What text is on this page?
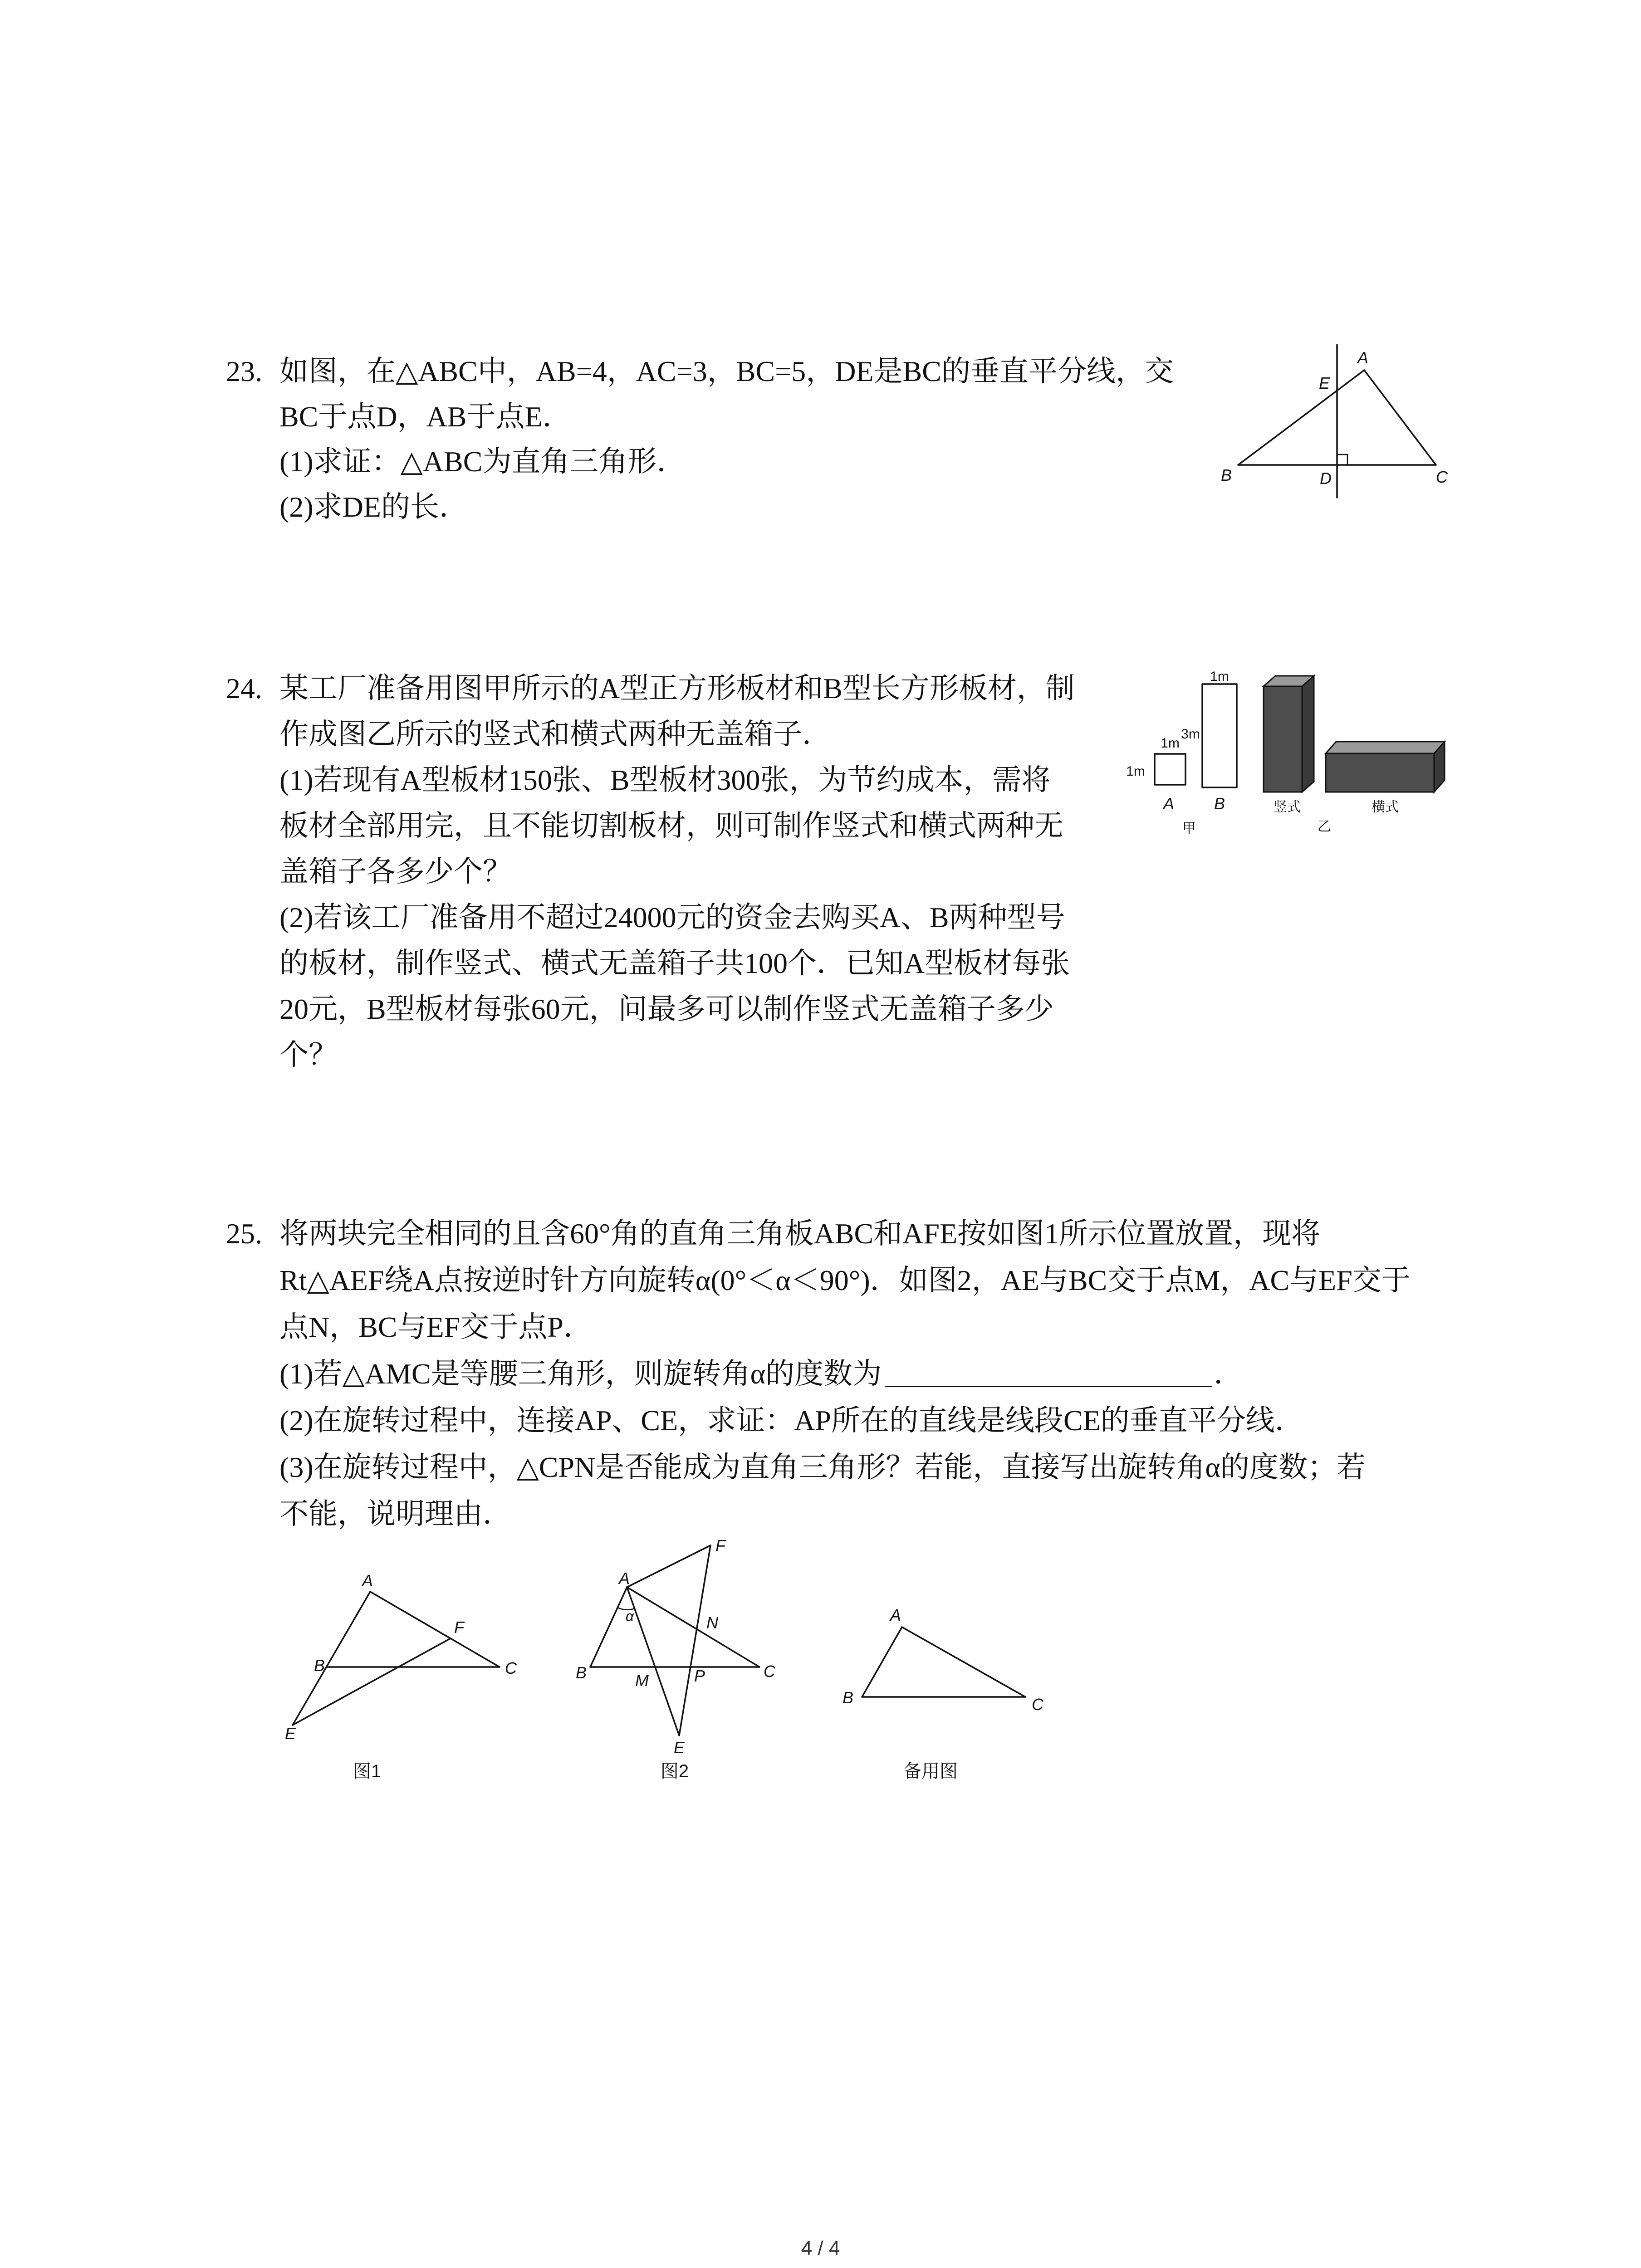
23. 如图，在△ABC中，AB=4，AC=3，BC=5，DE是BC的垂直平分线，交
BC于点D，AB于点E．
(1)求证：△ABC为直角三角形．
(2)求DE的长．
A
E
B	D	C
24. 某工厂准备用图甲所示的A型正方形板材和B型长方形板材，制
作成图乙所示的竖式和横式两种无盖箱子．
(1)若现有A型板材150张、B型板材300张，为节约成本，需将
板材全部用完，且不能切割板材，则可制作竖式和横式两种无
盖箱子各多少个？
(2)若该工厂准备用不超过24000元的资金去购买A、B两种型号
的板材，制作竖式、横式无盖箱子共100个．已知A型板材每张
20元，B型板材每张60元，问最多可以制作竖式无盖箱子多少
个？
1m
1m
A
3m
1m
B
甲
竖式	横式
乙
25. 将两块完全相同的且含60°角的直角三角板ABC和AFE按如图1所示位置放置，现将
Rt△AEF绕A点按逆时针方向旋转α(0°＜α＜90°)．如图2，AE与BC交于点M，AC与EF交于
点N，BC与EF交于点P．
(1)若△AMC是等腰三角形，则旋转角α的度数为	．
(2)在旋转过程中，连接AP、CE，求证：AP所在的直线是线段CE的垂直平分线．
(3)在旋转过程中，△CPN是否能成为直角三角形？若能，直接写出旋转角α的度数；若
不能，说明理由．
A
B	C
F
E
图1
A
F
α	N
B	M	P	C
E
图2
A
B	C
备用图
4 / 4
